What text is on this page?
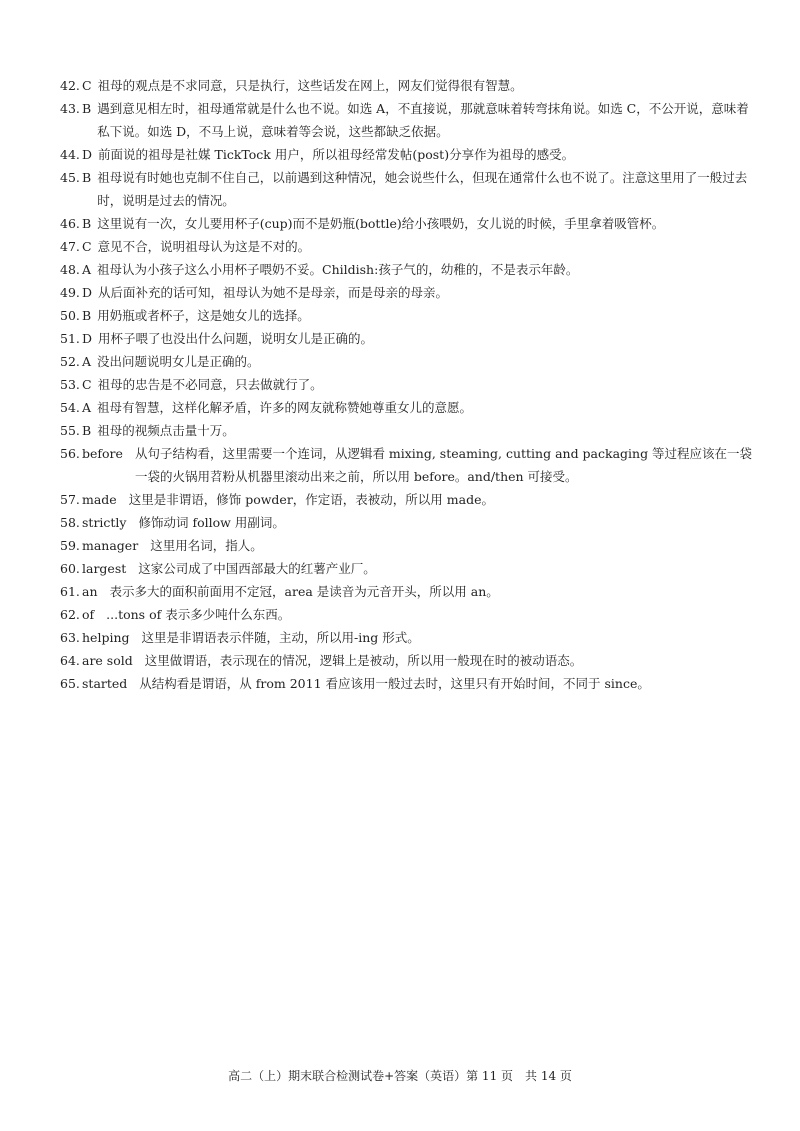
42. C 祖母的观点是不求同意，只是执行，这些话发在网上，网友们觉得很有智慧。
43. B 遇到意见相左时，祖母通常就是什么也不说。如选 A，不直接说，那就意味着转弯抹角说。如选 C，不公开说，意味着私下说。如选 D，不马上说，意味着等会说，这些都缺乏依据。
44. D 前面说的祖母是社媒 TickTock 用户，所以祖母经常发帖(post)分享作为祖母的感受。
45. B 祖母说有时她也克制不住自己，以前遇到这种情况，她会说些什么，但现在通常什么也不说了。注意这里用了一般过去时，说明是过去的情况。
46. B 这里说有一次，女儿要用杯子(cup)而不是奶瓶(bottle)给小孩喂奶，女儿说的时候，手里拿着吸管杯。
47. C 意见不合，说明祖母认为这是不对的。
48. A 祖母认为小孩子这么小用杯子喂奶不妥。Childish:孩子气的，幼稚的，不是表示年龄。
49. D 从后面补充的话可知，祖母认为她不是母亲，而是母亲的母亲。
50. B 用奶瓶或者杯子，这是她女儿的选择。
51. D 用杯子喂了也没出什么问题，说明女儿是正确的。
52. A 没出问题说明女儿是正确的。
53. C 祖母的忠告是不必同意，只去做就行了。
54. A 祖母有智慧，这样化解矛盾，许多的网友就称赞她尊重女儿的意愿。
55. B 祖母的视频点击量十万。
56. before 从句子结构看，这里需要一个连词，从逻辑看 mixing, steaming, cutting and packaging 等过程应该在一袋一袋的火锅用苕粉从机器里滚动出来之前，所以用 before。and/then 可接受。
57. made 这里是非谓语，修饰 powder，作定语，表被动，所以用 made。
58. strictly 修饰动词 follow 用副词。
59. manager 这里用名词，指人。
60. largest 这家公司成了中国西部最大的红薯产业厂。
61. an 表示多大的面积前面用不定冠，area 是读音为元音开头，所以用 an。
62. of ...tons of 表示多少吨什么东西。
63. helping 这里是非谓语表示伴随，主动，所以用-ing 形式。
64. are sold 这里做谓语，表示现在的情况，逻辑上是被动，所以用一般现在时的被动语态。
65. started 从结构看是谓语，从 from 2011 看应该用一般过去时，这里只有开始时间，不同于 since。
高二（上）期末联合检测试卷+答案（英语）第 11 页　共 14 页
